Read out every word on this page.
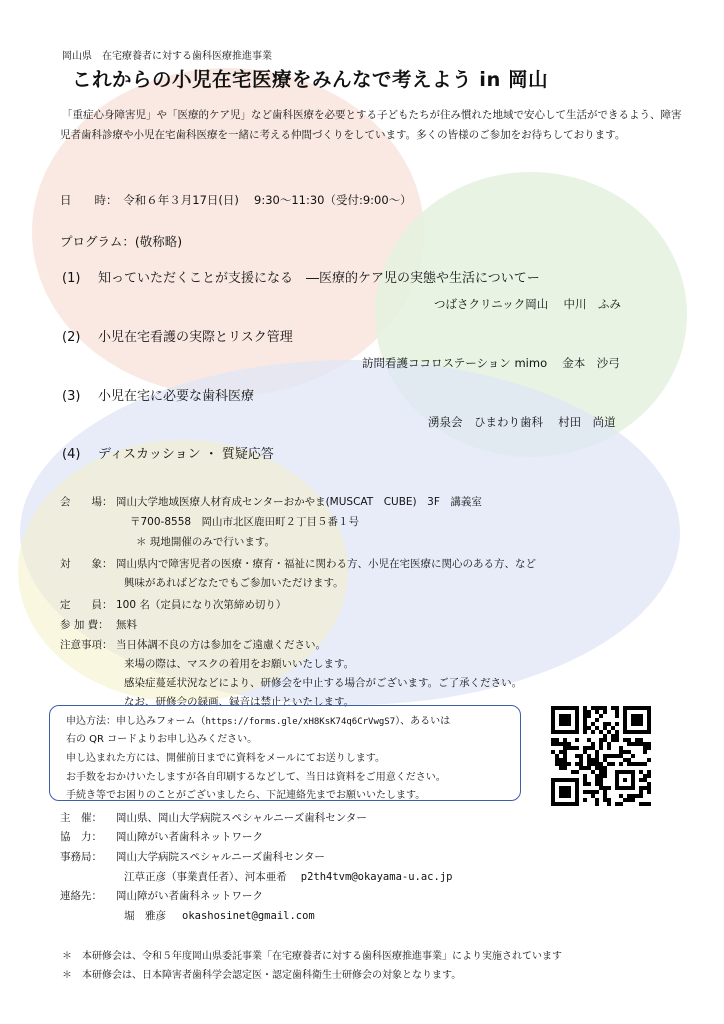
岡山県　在宅療養者に対する歯科医療推進事業
これからの小児在宅医療をみんなで考えよう in 岡山
「重症心身障害児」や「医療的ケア児」など歯科医療を必要とする子どもたちが住み慣れた地域で安心して生活ができるよう、障害児者歯科診療や小児在宅歯科医療を一緒に考える仲間づくりをしています。多くの皆様のご参加をお待ちしております。
日　　時：　令和６年３月17日(日)　 9:30～11:30（受付:9:00～）
プログラム：(敬称略)
(1) 知っていただくことが支援になる　―医療的ケア児の実態や生活についてー
つばさクリニック岡山　 中川　ふみ
(2) 小児在宅看護の実際とリスク管理
訪問看護ココロステーション mimo　 金本　沙弓
(3) 小児在宅に必要な歯科医療
湧泉会　ひまわり歯科　 村田　尚道
(4) ディスカッション ・ 質疑応答
会　　場： 岡山大学地域医療人材育成センターおかやま(MUSCAT　CUBE)　3F　講義室
〒700-8558　岡山市北区鹿田町２丁目５番１号
＊ 現地開催のみで行います。
対　　象： 岡山県内で障害児者の医療・療育・福祉に関わる方、小児在宅医療に関心のある方、など
興味があればどなたでもご参加いただけます。
定　　員： 100 名（定員になり次第締め切り）
参 加 費： 無料
注意事項： 当日体調不良の方は参加をご遠慮ください。
来場の際は、マスクの着用をお願いいたします。
感染症蔓延状況などにより、研修会を中止する場合がございます。ご了承ください。
なお、研修会の録画、録音は禁止といたします。
申込方法：申し込みフォーム（https://forms.gle/xH8KsK74q6CrVwgS7）、あるいは
右の QR コードよりお申し込みください。
申し込まれた方には、開催前日までに資料をメールにてお送りします。
お手数をおかけいたしますが各自印刷するなどして、当日は資料をご用意ください。
手続き等でお困りのことがございましたら、下記連絡先までお願いいたします。
主　催： 岡山県、岡山大学病院スペシャルニーズ歯科センター
協　力： 岡山障がい者歯科ネットワーク
事務局： 岡山大学病院スペシャルニーズ歯科センター
江草正彦（事業責任者）、河本亜希 p2th4tvm@okayama-u.ac.jp
連絡先： 岡山障がい者歯科ネットワーク
堀　雅彦 okashosinet@gmail.com
＊　本研修会は、令和５年度岡山県委託事業「在宅療養者に対する歯科医療推進事業」により実施されています
＊　本研修会は、日本障害者歯科学会認定医・認定歯科衛生士研修会の対象となります。
